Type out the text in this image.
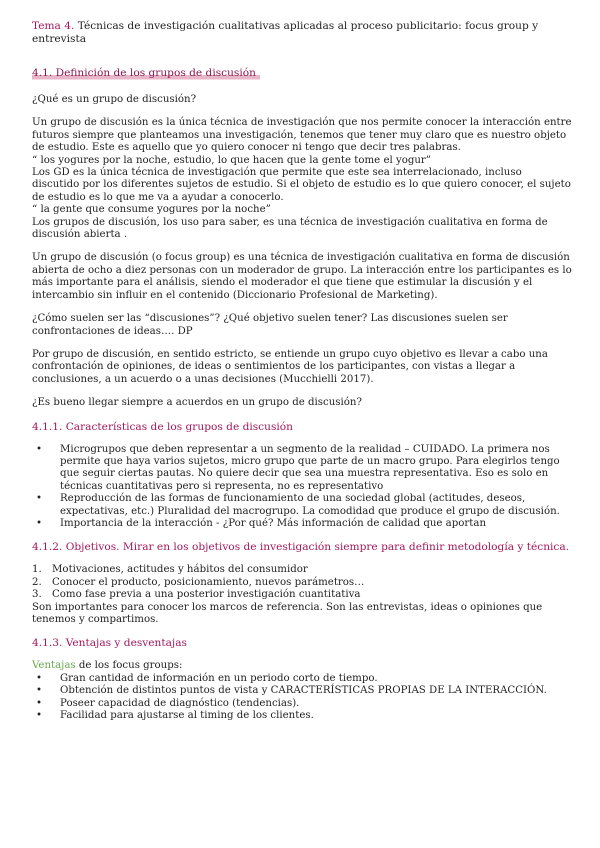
Tema 4. Técnicas de investigación cualitativas aplicadas al proceso publicitario: focus group y entrevista
4.1. Definición de los grupos de discusión

¿Qué es un grupo de discusión?

Un grupo de discusión es la única técnica de investigación que nos permite conocer la interacción entre futuros siempre que planteamos una investigación, tenemos que tener muy claro que es nuestro objeto de estudio. Este es aquello que yo quiero conocer ni tengo que decir tres palabras.

“ los yogures por la noche, estudio, lo que hacen que la gente tome el yogur”

Los GD es la única técnica de investigación que permite que este sea interrelacionado, incluso discutido por los diferentes sujetos de estudio. Si el objeto de estudio es lo que quiero conocer, el sujeto de estudio es lo que me va a ayudar a conocerlo.

“ la gente que consume yogures por la noche”

Los grupos de discusión, los uso para saber, es una técnica de investigación cualitativa en forma de discusión abierta .

Un grupo de discusión (o focus group) es una técnica de investigación cualitativa en forma de discusión abierta de ocho a diez personas con un moderador de grupo. La interacción entre los participantes es lo más importante para el análisis, siendo el moderador el que tiene que estimular la discusión y el intercambio sin influir en el contenido (Diccionario Profesional de Marketing).

¿Cómo suelen ser las “discusiones”? ¿Qué objetivo suelen tener? Las discusiones suelen ser confrontaciones de ideas…. DP

Por grupo de discusión, en sentido estricto, se entiende un grupo cuyo objetivo es llevar a cabo una confrontación de opiniones, de ideas o sentimientos de los participantes, con vistas a llegar a conclusiones, a un acuerdo o a unas decisiones (Mucchielli 2017).

¿Es bueno llegar siempre a acuerdos en un grupo de discusión?

4.1.1. Características de los grupos de discusión
• Microgrupos que deben representar a un segmento de la realidad – CUIDADO. La primera nos permite que haya varios sujetos, micro grupo que parte de un macro grupo. Para elegirlos tengo que seguir ciertas pautas. No quiere decir que sea una muestra representativa. Eso es solo en técnicas cuantitativas pero si representa, no es representativo
• Reproducción de las formas de funcionamiento de una sociedad global (actitudes, deseos, expectativas, etc.) Pluralidad del macrogrupo. La comodidad que produce el grupo de discusión.
• Importancia de la interacción - ¿Por qué? Más información de calidad que aportan
4.1.2. Objetivos. Mirar en los objetivos de investigación siempre para definir metodología y técnica.
1. Motivaciones, actitudes y hábitos del consumidor
2. Conocer el producto, posicionamiento, nuevos parámetros…
3. Como fase previa a una posterior investigación cuantitativa

Son importantes para conocer los marcos de referencia. Son las entrevistas, ideas o opiniones que tenemos y compartimos.

4.1.3. Ventajas y desventajas

Ventajas de los focus groups:

• Gran cantidad de información en un periodo corto de tiempo.
• Obtención de distintos puntos de vista y CARACTERÍSTICAS PROPIAS DE LA INTERACCIÓN.
• Poseer capacidad de diagnóstico (tendencias).
• Facilidad para ajustarse al timing de los clientes.
